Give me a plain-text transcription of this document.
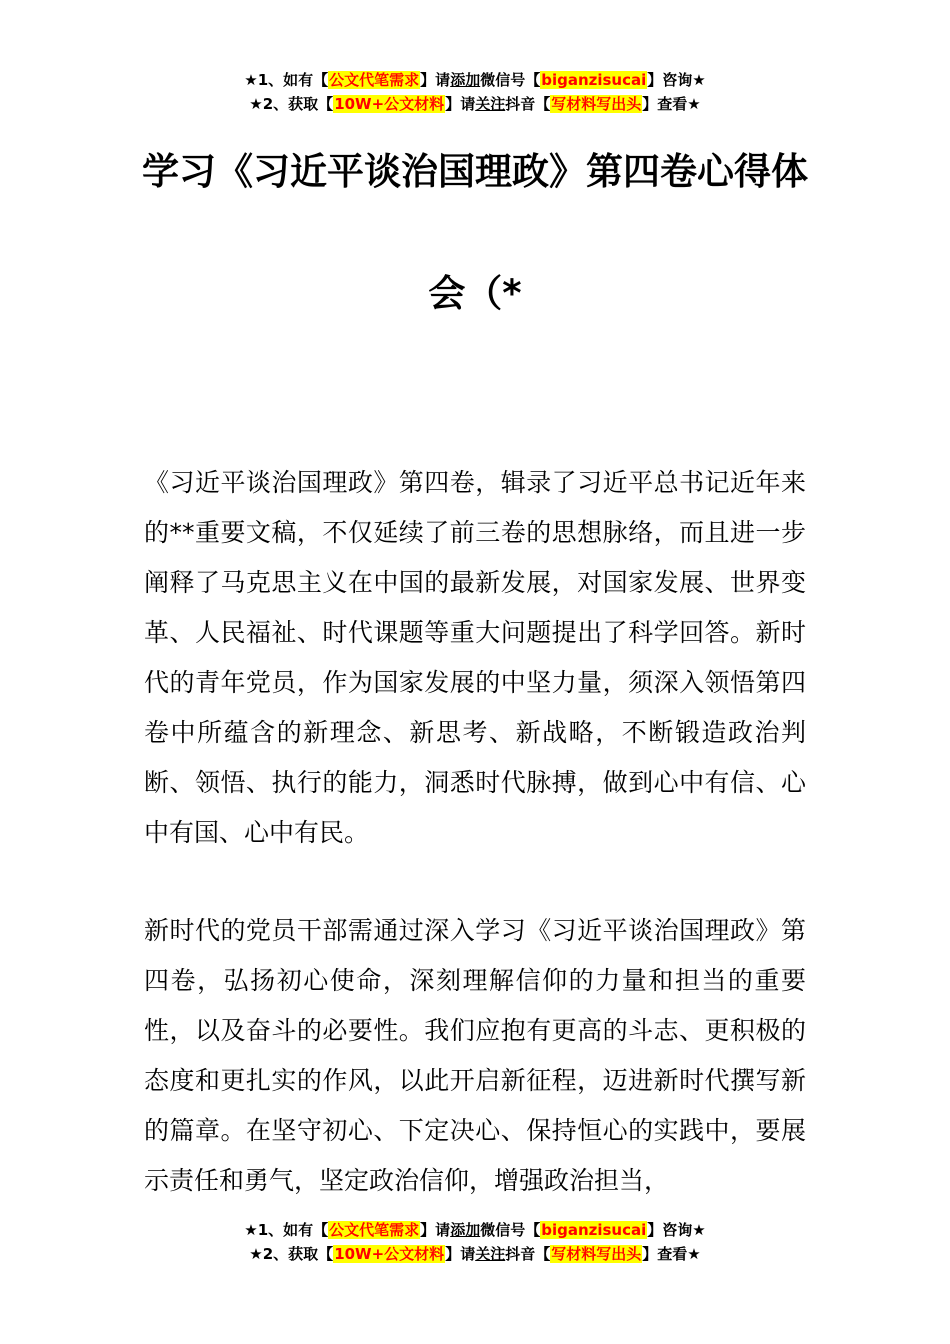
★1、如有【公文代笔需求】请添加微信号【biganzisucai】咨询★
★2、获取【10W+公文材料】请关注抖音【写材料写出头】查看★
学习《习近平谈治国理政》第四卷心得体
会（*

《习近平谈治国理政》第四卷，辑录了习近平总书记近年来的**重要文稿，不仅延续了前三卷的思想脉络，而且进一步阐释了马克思主义在中国的最新发展，对国家发展、世界变革、人民福祉、时代课题等重大问题提出了科学回答。新时代的青年党员，作为国家发展的中坚力量，须深入领悟第四卷中所蕴含的新理念、新思考、新战略，不断锻造政治判断、领悟、执行的能力，洞悉时代脉搏，做到心中有信、心中有国、心中有民。

新时代的党员干部需通过深入学习《习近平谈治国理政》第四卷，弘扬初心使命，深刻理解信仰的力量和担当的重要性，以及奋斗的必要性。我们应抱有更高的斗志、更积极的态度和更扎实的作风，以此开启新征程，迈进新时代撰写新的篇章。在坚守初心、下定决心、保持恒心的实践中，要展示责任和勇气，坚定政治信仰，增强政治担当，

★1、如有【公文代笔需求】请添加微信号【biganzisucai】咨询★
★2、获取【10W+公文材料】请关注抖音【写材料写出头】查看★
